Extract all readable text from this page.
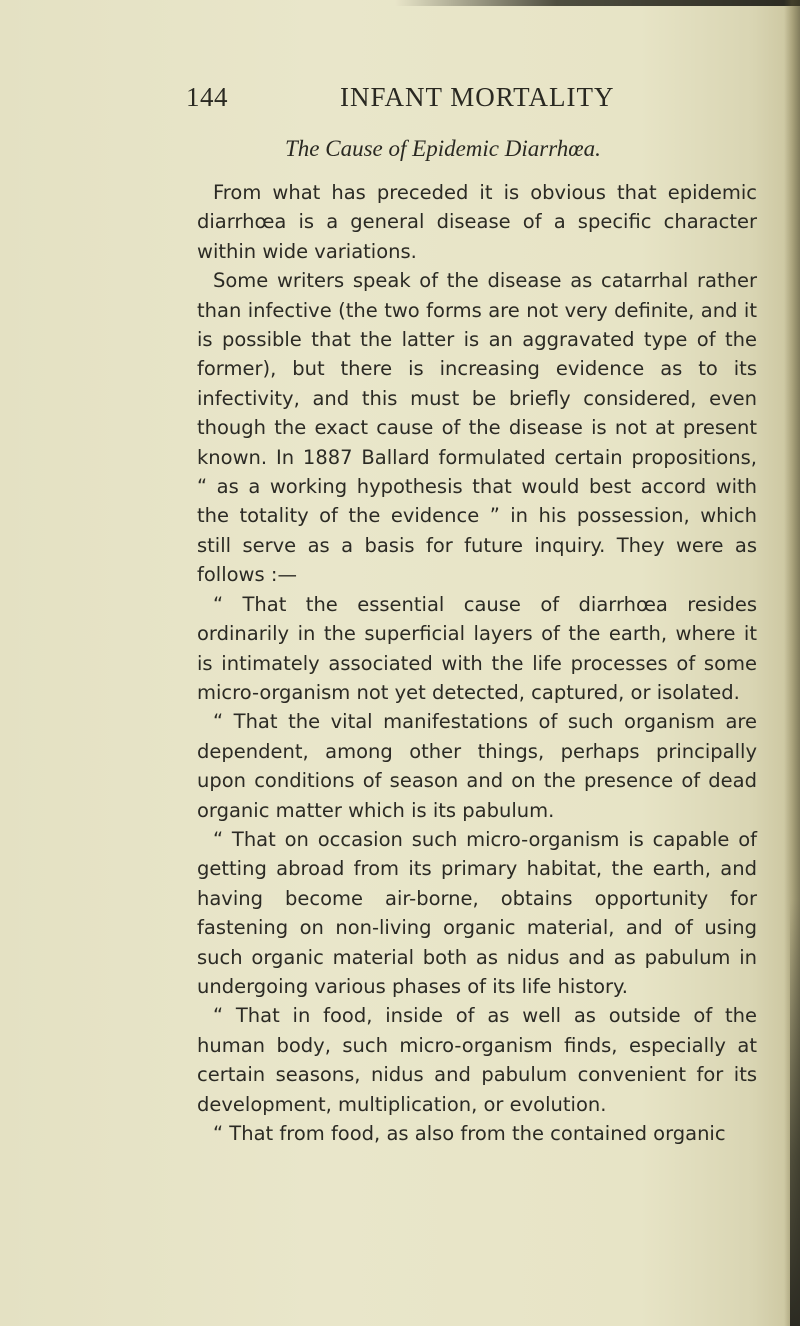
144	INFANT MORTALITY
The Cause of Epidemic Diarrhœa.

From what has preceded it is obvious that epidemic diarrhœa is a general disease of a specific character within wide variations.

Some writers speak of the disease as catarrhal rather than infective (the two forms are not very definite, and it is possible that the latter is an aggravated type of the former), but there is increasing evidence as to its infectivity, and this must be briefly considered, even though the exact cause of the disease is not at present known. In 1887 Ballard formulated certain propositions, “ as a working hypothesis that would best accord with the totality of the evidence ” in his possession, which still serve as a basis for future inquiry. They were as follows :—

“ That the essential cause of diarrhœa resides ordinarily in the superficial layers of the earth, where it is intimately associated with the life processes of some micro-organism not yet detected, captured, or isolated.

“ That the vital manifestations of such organism are dependent, among other things, perhaps principally upon conditions of season and on the presence of dead organic matter which is its pabulum.

“ That on occasion such micro-organism is capable of getting abroad from its primary habitat, the earth, and having become air-borne, obtains opportunity for fastening on non-living organic material, and of using such organic material both as nidus and as pabulum in undergoing various phases of its life history.

“ That in food, inside of as well as outside of the human body, such micro-organism finds, especially at certain seasons, nidus and pabulum convenient for its development, multiplication, or evolution.

“ That from food, as also from the contained organic
